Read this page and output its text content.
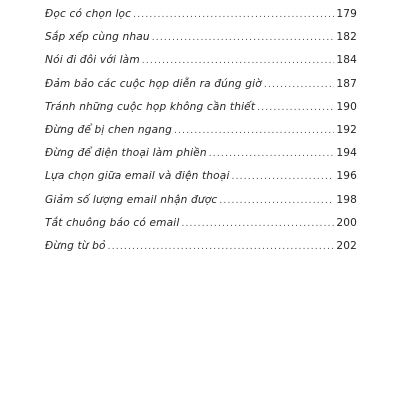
Đọc có chọn lọc .....	179
Sắp xếp cùng nhau .....	182
Nói đi đôi với làm .....	184
Đảm bảo các cuộc họp diễn ra đúng giờ .....	187
Tránh những cuộc họp không cần thiết .....	190
Đừng để bị chen ngang .....	192
Đừng để điện thoại làm phiền .....	194
Lựa chọn giữa email và điện thoại .....	196
Giảm số lượng email nhận được .....	198
Tắt chuông báo có email .....	200
Đừng từ bỏ .....	202
